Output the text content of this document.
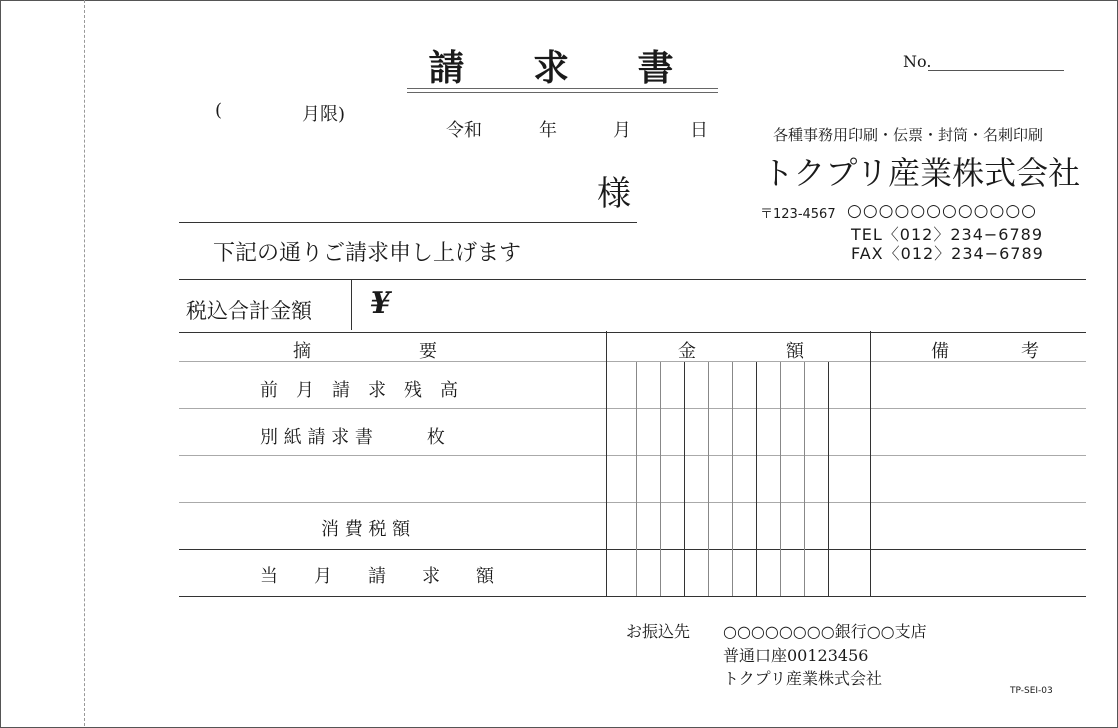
請 求 書	No.
(	月限)
令和	年	月	日
様
下記の通りご請求申し上げます
各種事務用印刷・伝票・封筒・名刺印刷
トクプリ産業株式会社
〒123-4567 ○○○○○○○○○○○○
TEL〈012〉234−6789
FAX〈012〉234−6789
税込合計金額 ¥
摘　　　　　　要	金　　　　　額	備　　　　考
前　月　請　求　残　高
別 紙 請 求 書　　　枚
消 費 税 額
当　　月　　請　　求　　額
お振込先 ○○○○○○○○銀行○○支店
普通口座00123456
トクプリ産業株式会社
TP-SEI-03
